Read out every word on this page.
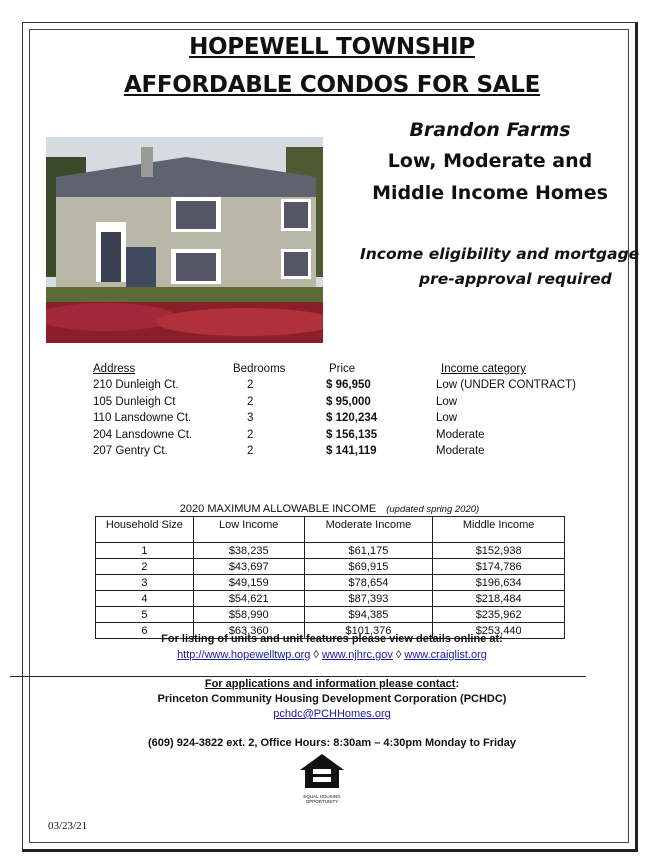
HOPEWELL TOWNSHIP
AFFORDABLE CONDOS FOR SALE
Brandon Farms
Low, Moderate and
Middle Income Homes
Income eligibility and mortgage
pre-approval required
Address	Bedrooms	Price	Income category
210 Dunleigh Ct.	2	$ 96,950	Low (UNDER CONTRACT)
105 Dunleigh Ct	2	$ 95,000	Low
110 Lansdowne Ct.	3	$ 120,234	Low
204 Lansdowne Ct.	2	$ 156,135	Moderate
207 Gentry Ct.	2	$ 141,119	Moderate
2020 MAXIMUM ALLOWABLE INCOME (updated spring 2020)
Household Size	Low Income	Moderate Income	Middle Income
1	$38,235	$61,175	$152,938
2	$43,697	$69,915	$174,786
3	$49,159	$78,654	$196,634
4	$54,621	$87,393	$218,484
5	$58,990	$94,385	$235,962
6	$63,360	$101,376	$253,440
For listing of units and unit features please view details online at:
http://www.hopewelltwp.org ◊ www.njhrc.gov ◊ www.craiglist.org
For applications and information please contact:
Princeton Community Housing Development Corporation (PCHDC)
pchdc@PCHHomes.org
(609) 924-3822 ext. 2, Office Hours: 8:30am – 4:30pm Monday to Friday
EQUAL HOUSING OPPORTUNITY
03/23/21
